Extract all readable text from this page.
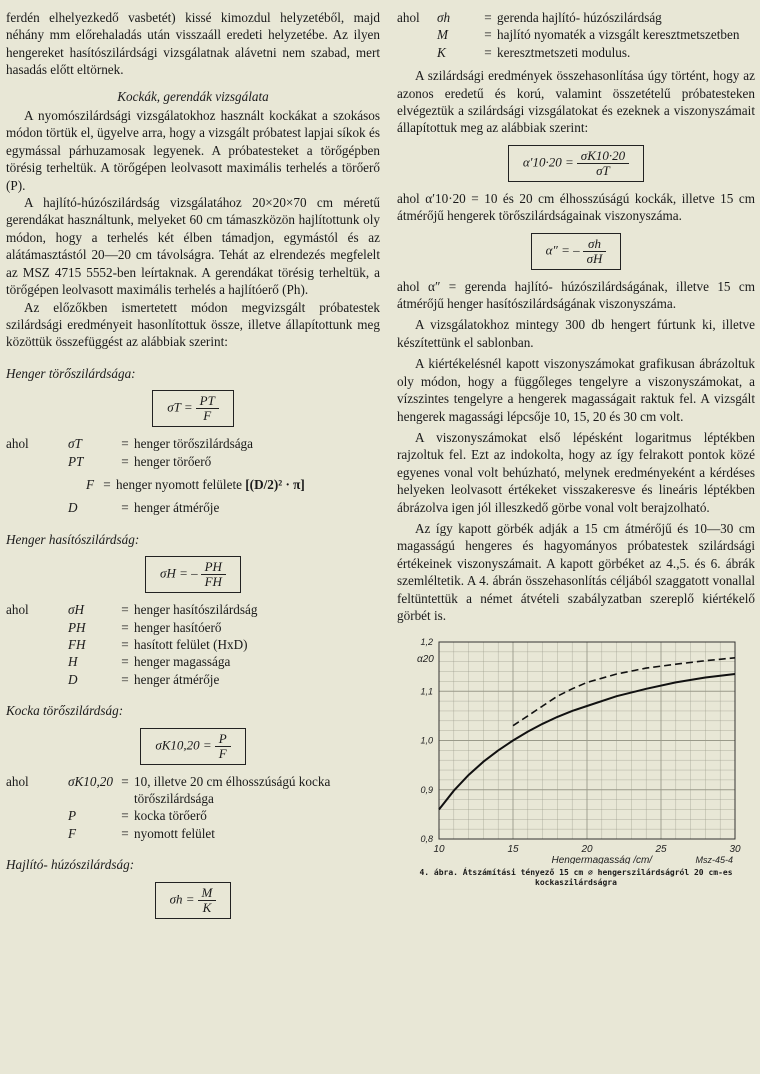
ferdén elhelyezkedő vasbetét) kissé kimozdul helyzetéből, majd néhány mm előrehaladás után visszaáll eredeti helyzetébe. Az ilyen hengereket hasítószilárdsági vizsgálatnak alávetni nem szabad, mert hasadás előtt eltörnek.

Kockák, gerendák vizsgálata

A nyomószilárdsági vizsgálatokhoz használt kockákat a szokásos módon törtük el, ügyelve arra, hogy a vizsgált próbatest lapjai síkok és egymással párhuzamosak legyenek. A próbatesteket a törőgépben törésig terheltük. A törőgépen leolvasott maximális terhelés a törőerő (P).

A hajlító-húzószilárdság vizsgálatához 20×20×70 cm méretű gerendákat használtunk, melyeket 60 cm támaszközön hajlítottunk oly módon, hogy a terhelés két élben támadjon, egymástól és az alátámasztástól 20—20 cm távolságra. Tehát az elrendezés megfelelt az MSZ 4715 5552-ben leírtaknak. A gerendákat törésig terheltük, a törőgépen leolvasott maximális terhelés a hajlítóerő (Ph).

Az előzőkben ismertetett módon megvizsgált próbatestek szilárdsági eredményeit hasonlítottuk össze, illetve állapítottunk meg közöttük összefüggést az alábbiak szerint:

Henger törőszilárdsága:

$\sigma T = \frac{PT}{F}$
ahol	σT	= henger törőszilárdsága
PT	= henger törőerő
F = henger nyomott felülete [(D/2)² · π]
D	= henger átmérője

Henger hasítószilárdság:

σH = – $\frac{PH}{FH}$
ahol	σH	= henger hasítószilárdság
PH	= henger hasítóerő
FH	= hasított felület (HxD)
H	= henger magassága
D	= henger átmérője

Kocka törőszilárdság:

$\sigma K10,20 = \frac{P}{F}$
ahol	σK10,20 = 10, illetve 20 cm élhosszúságú kocka törőszilárdsága
P	= kocka törőerő
F	= nyomott felület

Hajlító- húzószilárdság:

$\sigma h = \frac{M}{K}$
ahol	σh	= gerenda hajlító- húzószilárdság
M	= hajlító nyomaték a vizsgált keresztmetszetben
K	= keresztmetszeti modulus.

A szilárdsági eredmények összehasonlítása úgy történt, hogy az azonos eredetű és korú, valamint összetételű próbatesteken elvégeztük a szilárdsági vizsgálatokat és ezeknek a viszonyszámait állapítottuk meg az alábbiak szerint:

$\alpha'10\cdot 20 = \frac{\sigma K10\cdot 20}{\sigma T}$

ahol α′10·20 = 10 és 20 cm élhosszúságú kockák, illetve 15 cm átmérőjű hengerek törőszilárdságainak viszonyszáma.

α″ = – $\frac{\sigma h}{\sigma H}$

ahol α″ = gerenda hajlító- húzószilárdságának, illetve 15 cm átmérőjű henger hasítószilárdságának viszonyszáma.

A vizsgálatokhoz mintegy 300 db hengert fúrtunk ki, illetve készítettünk el sablonban.

A kiértékelésnél kapott viszonyszámokat grafikusan ábrázoltuk oly módon, hogy a függőleges tengelyre a viszonyszámokat, a vízszintes tengelyre a hengerek magasságait raktuk fel. A vizsgált hengerek magassági lépcsője 10, 15, 20 és 30 cm volt.

A viszonyszámokat első lépésként logaritmus léptékben rajzoltuk fel. Ezt az indokolta, hogy az így felrakott pontok közé egyenes vonal volt behúzható, melynek eredményeként a kérdéses helyeken leolvasott értékeket visszakeresve és lineáris léptékben ábrázolva igen jól illeszkedő görbe vonal volt berajzolható.

Az így kapott görbék adják a 15 cm átmérőjű és 10—30 cm magasságú hengeres és hagyományos próbatestek szilárdsági értékeinek viszonyszámait. A kapott görbéket az 4.,5. és 6. ábrák szemléltetik. A 4. ábrán összehasonlítás céljából szaggatott vonallal feltüntettük a német átvételi szabályzatban szereplő kiértékelő görbét is.

10	15	20	25	30
0,8
0,9
1,0
1,1
1,2
α20
Hengermagasság /cm/	Msz-45-4
4. ábra. Átszámítási tényező 15 cm ⌀ hengerszilárdságról 20 cm-es kockaszilárdságra
